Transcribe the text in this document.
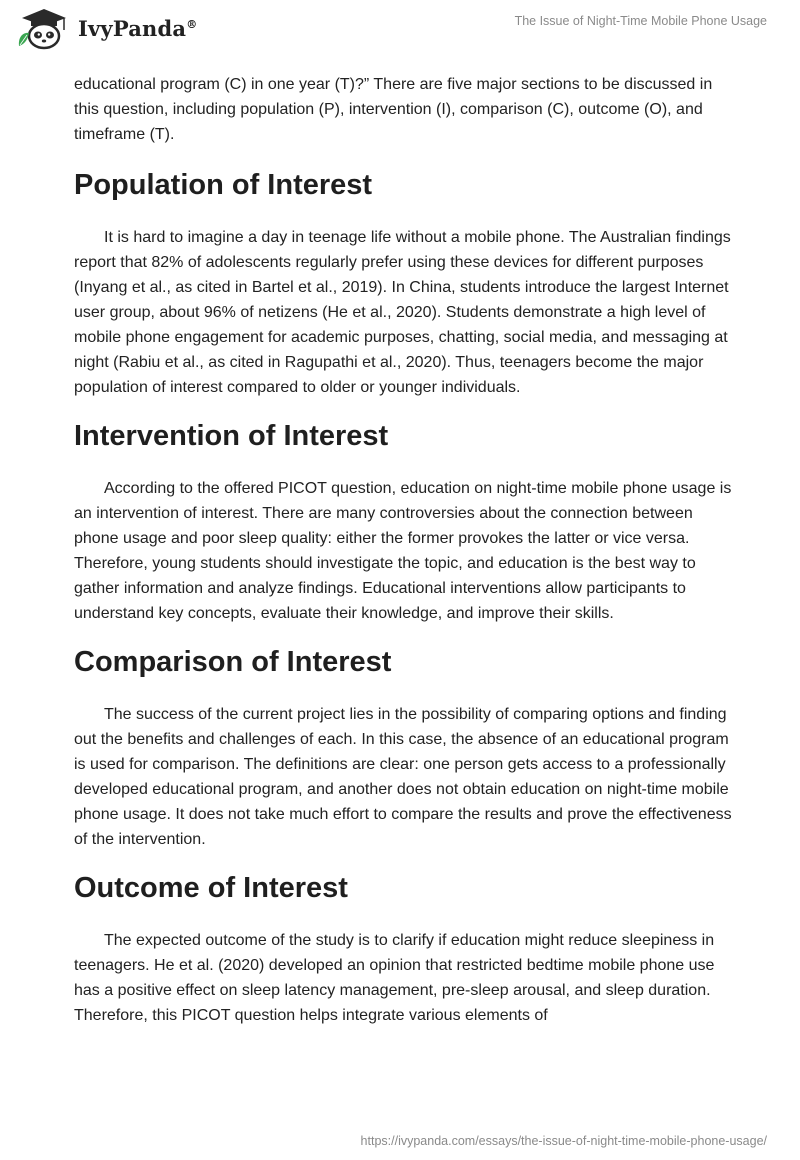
IvyPanda®	The Issue of Night-Time Mobile Phone Usage

educational program (C) in one year (T)?” There are five major sections to be discussed in this question, including population (P), intervention (I), comparison (C), outcome (O), and timeframe (T).

Population of Interest

It is hard to imagine a day in teenage life without a mobile phone. The Australian findings report that 82% of adolescents regularly prefer using these devices for different purposes (Inyang et al., as cited in Bartel et al., 2019). In China, students introduce the largest Internet user group, about 96% of netizens (He et al., 2020). Students demonstrate a high level of mobile phone engagement for academic purposes, chatting, social media, and messaging at night (Rabiu et al., as cited in Ragupathi et al., 2020). Thus, teenagers become the major population of interest compared to older or younger individuals.

Intervention of Interest

According to the offered PICOT question, education on night-time mobile phone usage is an intervention of interest. There are many controversies about the connection between phone usage and poor sleep quality: either the former provokes the latter or vice versa. Therefore, young students should investigate the topic, and education is the best way to gather information and analyze findings. Educational interventions allow participants to understand key concepts, evaluate their knowledge, and improve their skills.

Comparison of Interest

The success of the current project lies in the possibility of comparing options and finding out the benefits and challenges of each. In this case, the absence of an educational program is used for comparison. The definitions are clear: one person gets access to a professionally developed educational program, and another does not obtain education on night-time mobile phone usage. It does not take much effort to compare the results and prove the effectiveness of the intervention.

Outcome of Interest

The expected outcome of the study is to clarify if education might reduce sleepiness in teenagers. He et al. (2020) developed an opinion that restricted bedtime mobile phone use has a positive effect on sleep latency management, pre-sleep arousal, and sleep duration. Therefore, this PICOT question helps integrate various elements of

https://ivypanda.com/essays/the-issue-of-night-time-mobile-phone-usage/
